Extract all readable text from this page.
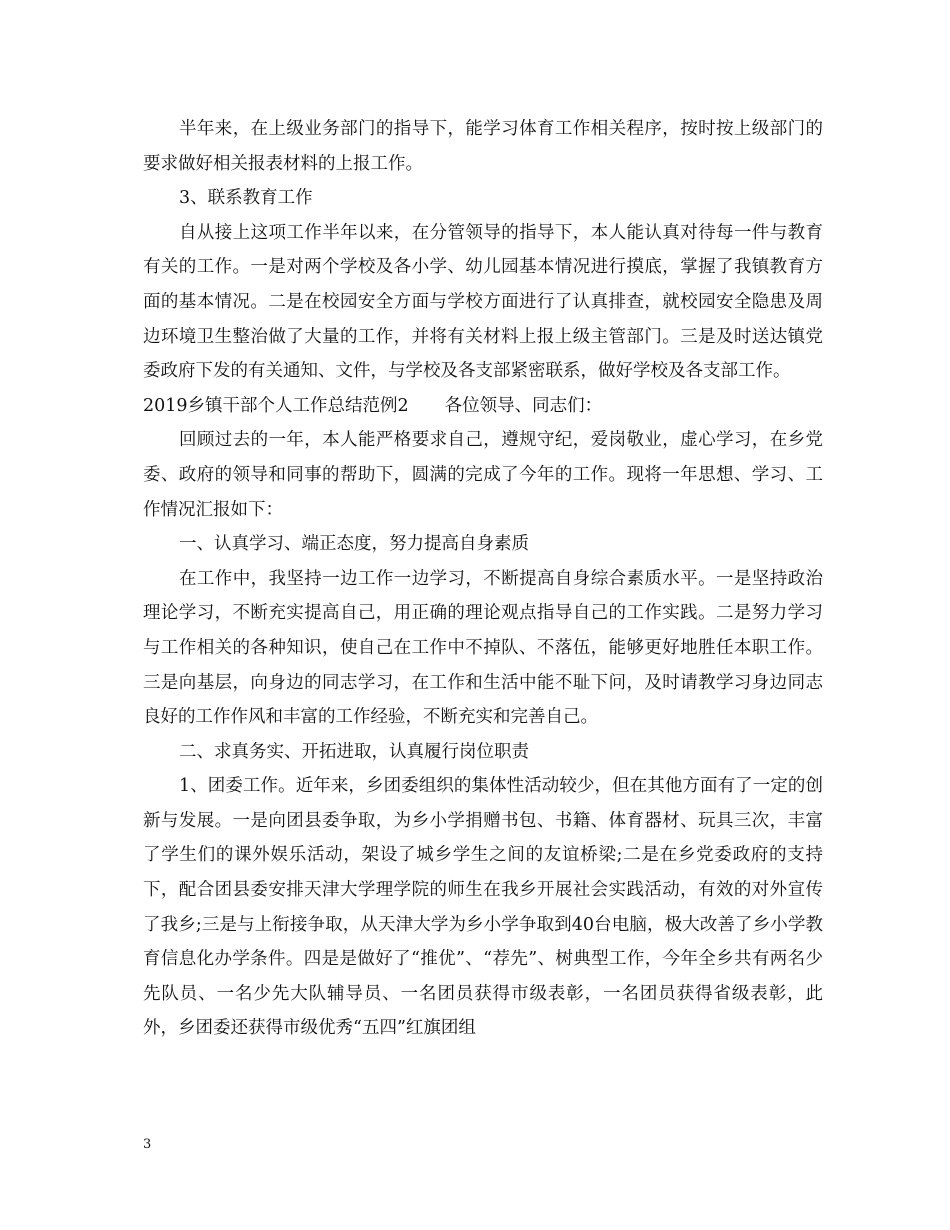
半年来，在上级业务部门的指导下，能学习体育工作相关程序，按时按上级部门的要求做好相关报表材料的上报工作。

3、联系教育工作

自从接上这项工作半年以来，在分管领导的指导下，本人能认真对待每一件与教育有关的工作。一是对两个学校及各小学、幼儿园基本情况进行摸底，掌握了我镇教育方面的基本情况。二是在校园安全方面与学校方面进行了认真排查，就校园安全隐患及周边环境卫生整治做了大量的工作，并将有关材料上报上级主管部门。三是及时送达镇党委政府下发的有关通知、文件，与学校及各支部紧密联系，做好学校及各支部工作。

2019乡镇干部个人工作总结范例2 各位领导、同志们：

回顾过去的一年，本人能严格要求自己，遵规守纪，爱岗敬业，虚心学习，在乡党委、政府的领导和同事的帮助下，圆满的完成了今年的工作。现将一年思想、学习、工作情况汇报如下：

一、认真学习、端正态度，努力提高自身素质

在工作中，我坚持一边工作一边学习，不断提高自身综合素质水平。一是坚持政治理论学习，不断充实提高自己，用正确的理论观点指导自己的工作实践。二是努力学习与工作相关的各种知识，使自己在工作中不掉队、不落伍，能够更好地胜任本职工作。三是向基层，向身边的同志学习，在工作和生活中能不耻下问，及时请教学习身边同志良好的工作作风和丰富的工作经验，不断充实和完善自己。

二、求真务实、开拓进取，认真履行岗位职责

1、团委工作。近年来，乡团委组织的集体性活动较少，但在其他方面有了一定的创新与发展。一是向团县委争取，为乡小学捐赠书包、书籍、体育器材、玩具三次，丰富了学生们的课外娱乐活动，架设了城乡学生之间的友谊桥梁;二是在乡党委政府的支持下，配合团县委安排天津大学理学院的师生在我乡开展社会实践活动，有效的对外宣传了我乡;三是与上衔接争取，从天津大学为乡小学争取到40台电脑，极大改善了乡小学教育信息化办学条件。四是是做好了“推优”、“荐先”、树典型工作，今年全乡共有两名少先队员、一名少先大队辅导员、一名团员获得市级表彰，一名团员获得省级表彰，此外，乡团委还获得市级优秀“五四”红旗团组

3
